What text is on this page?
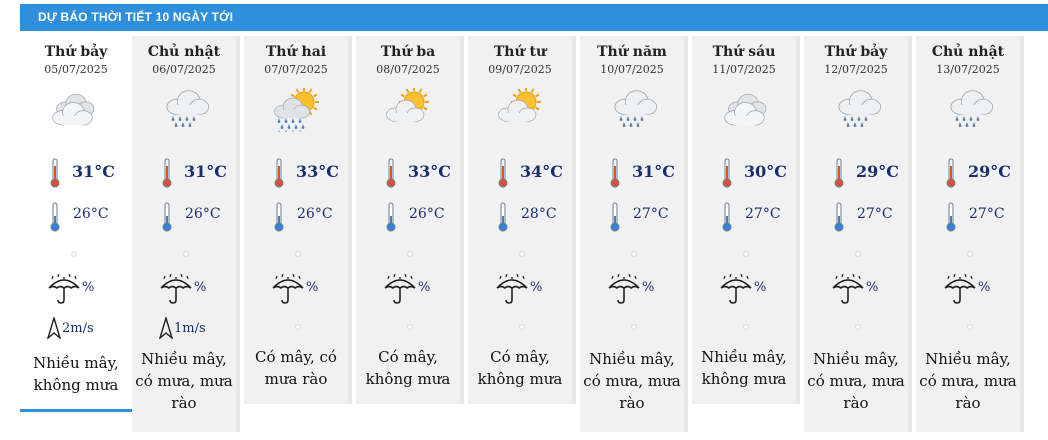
DỰ BÁO THỜI TIẾT 10 NGÀY TỚI
Thứ bảy
05/07/2025
31°C
26°C
%
2m/s
Nhiều mây,
không mưa
Chủ nhật
06/07/2025
31°C
26°C
%
1m/s
Nhiều mây,
có mưa, mưa
rào
Thứ hai
07/07/2025
33°C
26°C
%
Có mây, có
mưa rào
Thứ ba
08/07/2025
33°C
26°C
%
Có mây,
không mưa
Thứ tư
09/07/2025
34°C
28°C
%
Có mây,
không mưa
Thứ năm
10/07/2025
31°C
27°C
%
Nhiều mây,
có mưa, mưa
rào
Thứ sáu
11/07/2025
30°C
27°C
%
Nhiều mây,
không mưa
Thứ bảy
12/07/2025
29°C
27°C
%
Nhiều mây,
có mưa, mưa
rào
Chủ nhật
13/07/2025
29°C
27°C
%
Nhiều mây,
có mưa, mưa
rào
